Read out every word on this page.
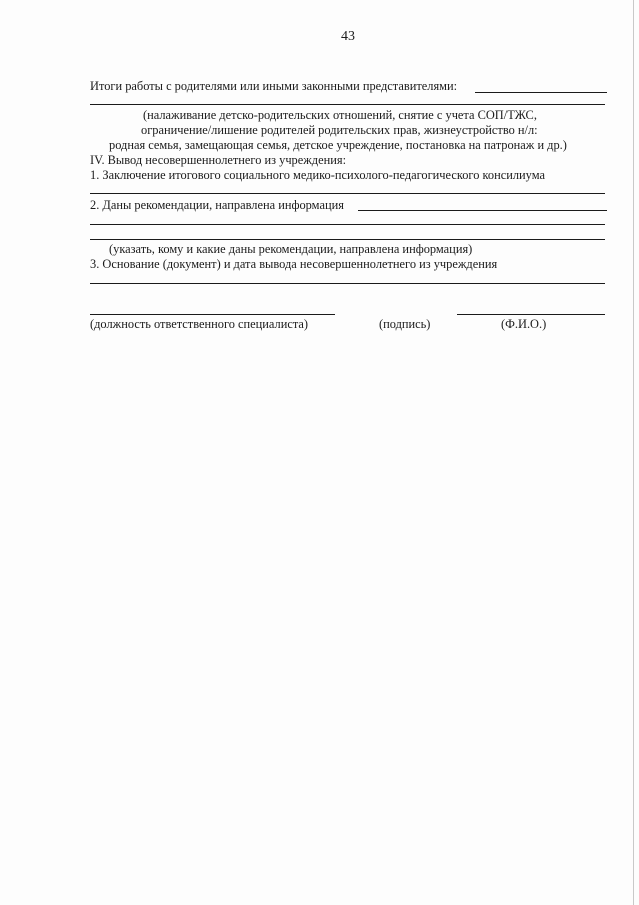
43
Итоги работы с родителями или иными законными представителями:
(налаживание детско-родительских отношений, снятие с учета СОП/ТЖС,
ограничение/лишение родителей родительских прав, жизнеустройство н/л:
родная семья, замещающая семья, детское учреждение, постановка на патронаж и др.)
IV. Вывод несовершеннолетнего из учреждения:
1. Заключение итогового социального медико-психолого-педагогического консилиума
2. Даны рекомендации, направлена информация
(указать, кому и какие даны рекомендации, направлена информация)
3. Основание (документ) и дата вывода несовершеннолетнего из учреждения
(должность ответственного специалиста)	(подпись)	(Ф.И.О.)
